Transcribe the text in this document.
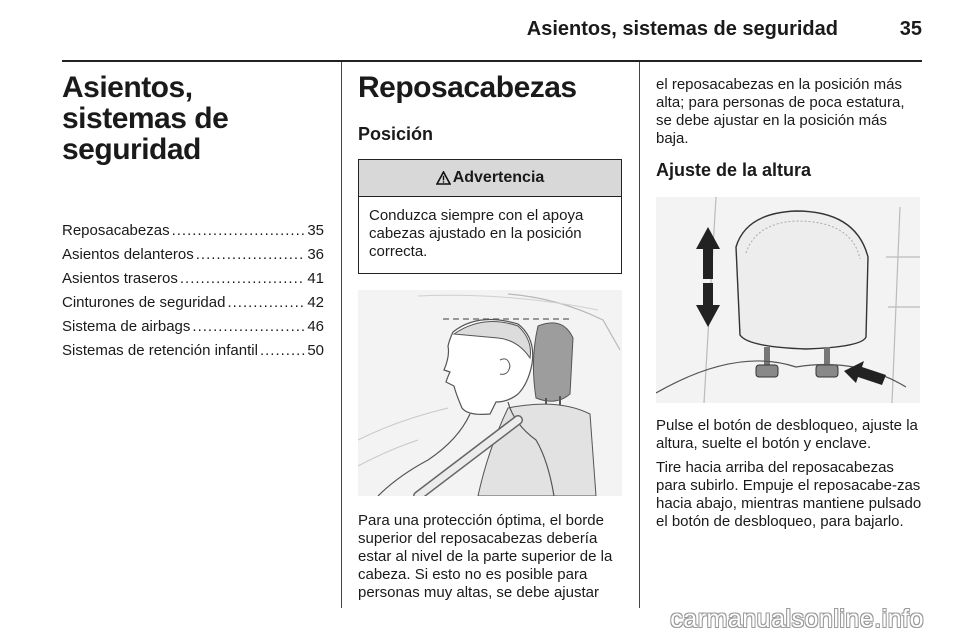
Asientos, sistemas de seguridad	35
Asientos, sistemas de seguridad
Reposacabezas .....	35
Asientos delanteros .....	36
Asientos traseros .....	41
Cinturones de seguridad .....	42
Sistema de airbags .....	46
Sistemas de retención infantil .....	50
Reposacabezas
Posición
Advertencia
Conduzca siempre con el apoya cabezas ajustado en la posición correcta.

Para una protección óptima, el borde superior del reposacabezas debería estar al nivel de la parte superior de la cabeza. Si esto no es posible para personas muy altas, se debe ajustar

el reposacabezas en la posición más alta; para personas de poca estatura, se debe ajustar en la posición más baja.

Ajuste de la altura

Pulse el botón de desbloqueo, ajuste la altura, suelte el botón y enclave.

Tire hacia arriba del reposacabezas para subirlo. Empuje el reposacabe-zas hacia abajo, mientras mantiene pulsado el botón de desbloqueo, para bajarlo.

carmanualsonline.info
